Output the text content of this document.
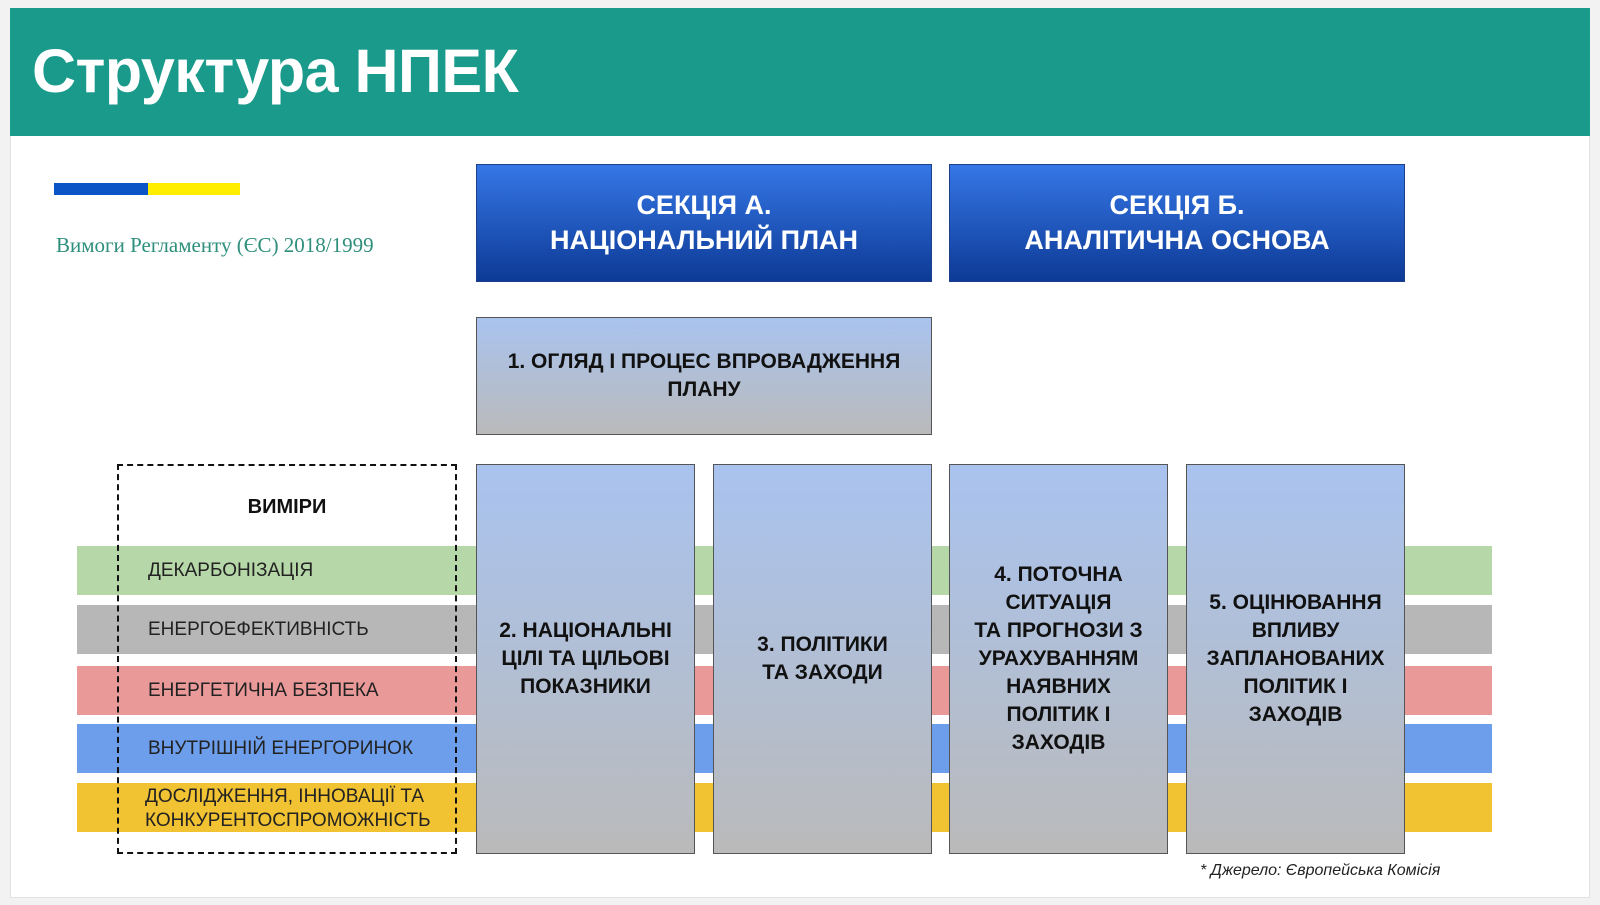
Структура НПЕК
Вимоги Регламенту (ЄС) 2018/1999
СЕКЦІЯ А.
НАЦІОНАЛЬНИЙ ПЛАН
СЕКЦІЯ Б.
АНАЛІТИЧНА ОСНОВА
ВИМІРИ
ДЕКАРБОНІЗАЦІЯ
ЕНЕРГОЕФЕКТИВНІСТЬ
ЕНЕРГЕТИЧНА БЕЗПЕКА
ВНУТРІШНІЙ ЕНЕРГОРИНОК
ДОСЛІДЖЕННЯ, ІННОВАЦІЇ ТА
КОНКУРЕНТОСПРОМОЖНІСТЬ
1. ОГЛЯД І ПРОЦЕС ВПРОВАДЖЕННЯ
ПЛАНУ
2. НАЦІОНАЛЬНІ
ЦІЛІ ТА ЦІЛЬОВІ
ПОКАЗНИКИ
3. ПОЛІТИКИ
ТА ЗАХОДИ
4. ПОТОЧНА
СИТУАЦІЯ
ТА ПРОГНОЗИ З
УРАХУВАННЯМ
НАЯВНИХ
ПОЛІТИК І
ЗАХОДІВ
5. ОЦІНЮВАННЯ
ВПЛИВУ
ЗАПЛАНОВАНИХ
ПОЛІТИК І
ЗАХОДІВ
* Джерело: Європейська Комісія
